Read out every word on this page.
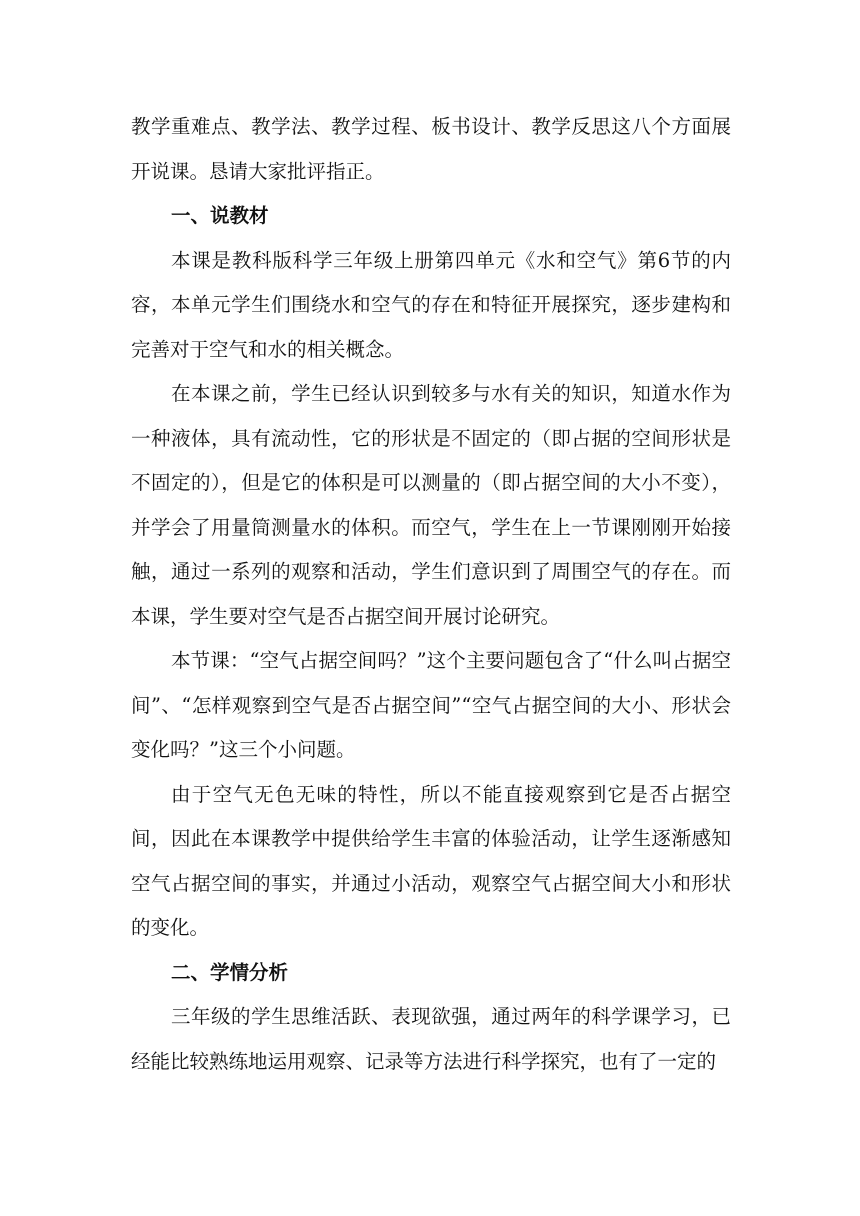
教学重难点、教学法、教学过程、板书设计、教学反思这八个方面展开说课。恳请大家批评指正。

一、说教材

本课是教科版科学三年级上册第四单元《水和空气》第6节的内容，本单元学生们围绕水和空气的存在和特征开展探究，逐步建构和完善对于空气和水的相关概念。

在本课之前，学生已经认识到较多与水有关的知识，知道水作为一种液体，具有流动性，它的形状是不固定的（即占据的空间形状是不固定的），但是它的体积是可以测量的（即占据空间的大小不变），并学会了用量筒测量水的体积。而空气，学生在上一节课刚刚开始接触，通过一系列的观察和活动，学生们意识到了周围空气的存在。而本课，学生要对空气是否占据空间开展讨论研究。

本节课：“空气占据空间吗？”这个主要问题包含了“什么叫占据空间”、“怎样观察到空气是否占据空间”“空气占据空间的大小、形状会变化吗？”这三个小问题。

由于空气无色无味的特性，所以不能直接观察到它是否占据空间，因此在本课教学中提供给学生丰富的体验活动，让学生逐渐感知空气占据空间的事实，并通过小活动，观察空气占据空间大小和形状的变化。

二、学情分析

三年级的学生思维活跃、表现欲强，通过两年的科学课学习，已经能比较熟练地运用观察、记录等方法进行科学探究，也有了一定的
